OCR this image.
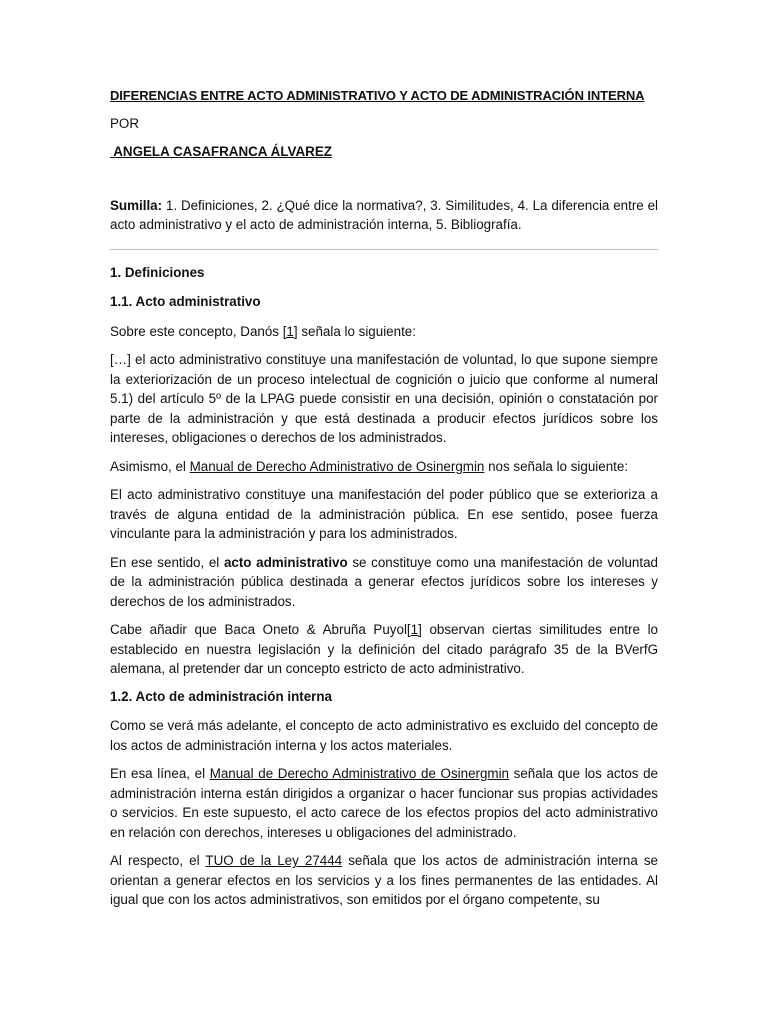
DIFERENCIAS ENTRE ACTO ADMINISTRATIVO Y ACTO DE ADMINISTRACIÓN INTERNA

POR

ANGELA CASAFRANCA ÁLVAREZ

Sumilla: 1. Definiciones, 2. ¿Qué dice la normativa?, 3. Similitudes, 4. La diferencia entre el acto administrativo y el acto de administración interna, 5. Bibliografía.

1. Definiciones

1.1. Acto administrativo

Sobre este concepto, Danós [1] señala lo siguiente:

[…] el acto administrativo constituye una manifestación de voluntad, lo que supone siempre la exteriorización de un proceso intelectual de cognición o juicio que conforme al numeral 5.1) del artículo 5º de la LPAG puede consistir en una decisión, opinión o constatación por parte de la administración y que está destinada a producir efectos jurídicos sobre los intereses, obligaciones o derechos de los administrados.

Asimismo, el Manual de Derecho Administrativo de Osinergmin nos señala lo siguiente:

El acto administrativo constituye una manifestación del poder público que se exterioriza a través de alguna entidad de la administración pública. En ese sentido, posee fuerza vinculante para la administración y para los administrados.

En ese sentido, el acto administrativo se constituye como una manifestación de voluntad de la administración pública destinada a generar efectos jurídicos sobre los intereses y derechos de los administrados.

Cabe añadir que Baca Oneto & Abruña Puyol[1] observan ciertas similitudes entre lo establecido en nuestra legislación y la definición del citado parágrafo 35 de la BVerfG alemana, al pretender dar un concepto estricto de acto administrativo.

1.2. Acto de administración interna

Como se verá más adelante, el concepto de acto administrativo es excluido del concepto de los actos de administración interna y los actos materiales.

En esa línea, el Manual de Derecho Administrativo de Osinergmin señala que los actos de administración interna están dirigidos a organizar o hacer funcionar sus propias actividades o servicios. En este supuesto, el acto carece de los efectos propios del acto administrativo en relación con derechos, intereses u obligaciones del administrado.

Al respecto, el TUO de la Ley 27444 señala que los actos de administración interna se orientan a generar efectos en los servicios y a los fines permanentes de las entidades. Al igual que con los actos administrativos, son emitidos por el órgano competente, su
